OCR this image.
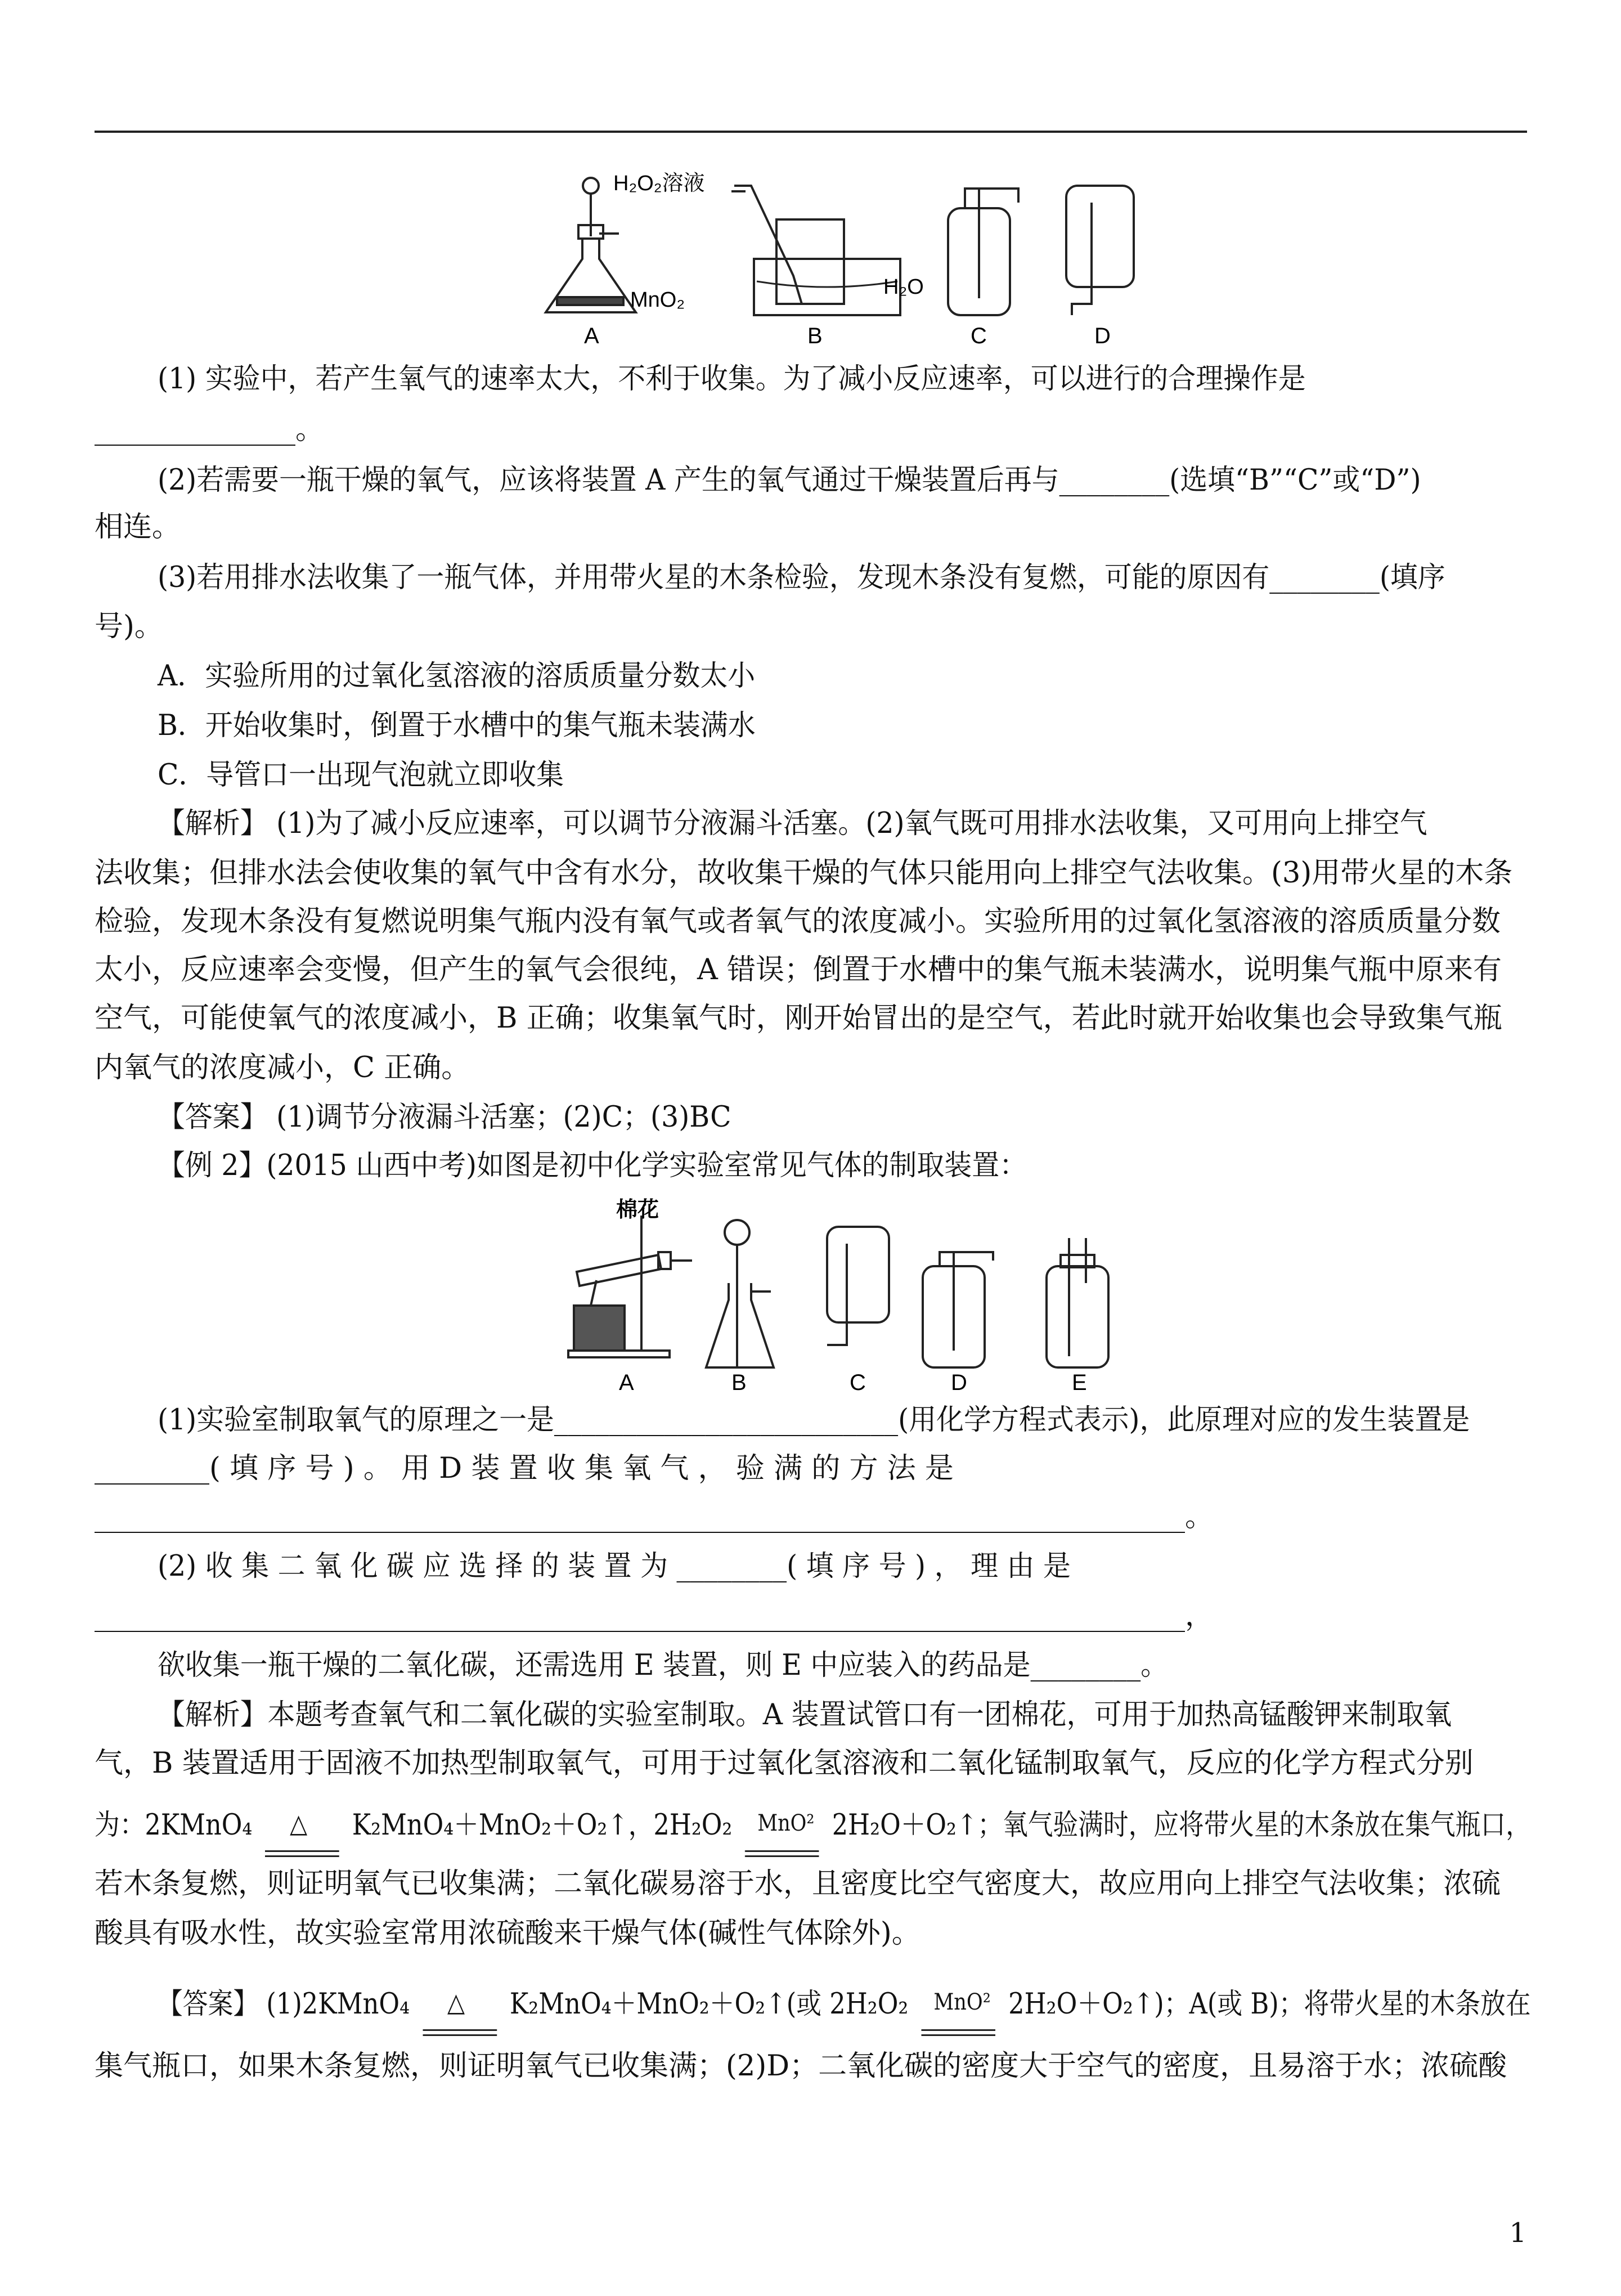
H₂O₂溶液
MnO₂
H₂O
A	B	C	D
(1) 实验中，若产生氧气的速率太大，不利于收集。为了减小反应速率，可以进行的合理操作是
______________。
(2)若需要一瓶干燥的氧气，应该将装置 A 产生的氧气通过干燥装置后再与________(选填“B”“C”或“D”)
相连。
(3)若用排水法收集了一瓶气体，并用带火星的木条检验，发现木条没有复燃，可能的原因有________(填序
号)。
A．实验所用的过氧化氢溶液的溶质质量分数太小
B．开始收集时，倒置于水槽中的集气瓶未装满水
C．导管口一出现气泡就立即收集
【解析】 (1)为了减小反应速率，可以调节分液漏斗活塞。(2)氧气既可用排水法收集，又可用向上排空气
法收集；但排水法会使收集的氧气中含有水分，故收集干燥的气体只能用向上排空气法收集。(3)用带火星的木条
检验，发现木条没有复燃说明集气瓶内没有氧气或者氧气的浓度减小。实验所用的过氧化氢溶液的溶质质量分数
太小，反应速率会变慢，但产生的氧气会很纯，A 错误；倒置于水槽中的集气瓶未装满水，说明集气瓶中原来有
空气，可能使氧气的浓度减小，B 正确；收集氧气时，刚开始冒出的是空气，若此时就开始收集也会导致集气瓶
内氧气的浓度减小，C 正确。
【答案】 (1)调节分液漏斗活塞；(2)C；(3)BC
【例 2】(2015 山西中考)如图是初中化学实验室常见气体的制取装置：
棉花
A	B	C	D	E
(1)实验室制取氧气的原理之一是_________________________(用化学方程式表示)，此原理对应的发生装置是
________( 填 序 号 ) 。 用 D 装 置 收 集 氧 气 ， 验 满 的 方 法 是
____________________________________________________________________________。
(2) 收 集 二 氧 化 碳 应 选 择 的 装 置 为 ________( 填 序 号 ) ， 理 由 是
____________________________________________________________________________，
欲收集一瓶干燥的二氧化碳，还需选用 E 装置，则 E 中应装入的药品是________。
【解析】本题考查氧气和二氧化碳的实验室制取。A 装置试管口有一团棉花，可用于加热高锰酸钾来制取氧
气，B 装置适用于固液不加热型制取氧气，可用于过氧化氢溶液和二氧化锰制取氧气，反应的化学方程式分别
为：2KMnO₄ △ K₂MnO₄＋MnO₂＋O₂↑，2H₂O₂ MnO² 2H₂O＋O₂↑；氧气验满时，应将带火星的木条放在集气瓶口，
若木条复燃，则证明氧气已收集满；二氧化碳易溶于水，且密度比空气密度大，故应用向上排空气法收集；浓硫
酸具有吸水性，故实验室常用浓硫酸来干燥气体(碱性气体除外)。
【答案】 (1)2KMnO₄ △ K₂MnO₄＋MnO₂＋O₂↑(或 2H₂O₂ MnO² 2H₂O＋O₂↑)；A(或 B)；将带火星的木条放在
集气瓶口，如果木条复燃，则证明氧气已收集满；(2)D；二氧化碳的密度大于空气的密度，且易溶于水；浓硫酸
1
